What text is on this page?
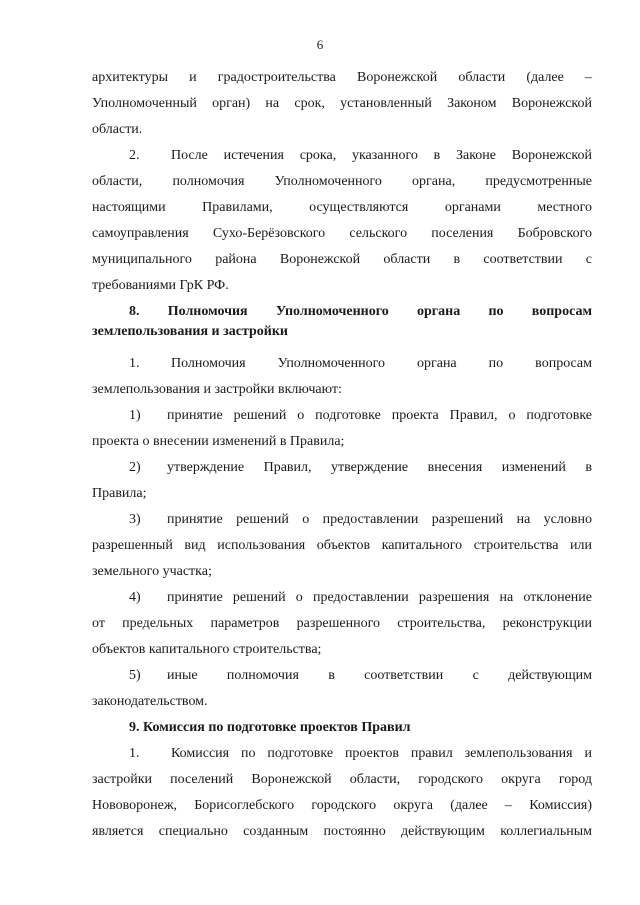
6
архитектуры и градостроительства Воронежской области (далее –
Уполномоченный орган) на срок, установленный Законом Воронежской
области.
2. После истечения срока, указанного в Законе Воронежской
области, полномочия Уполномоченного органа, предусмотренные
настоящими Правилами, осуществляются органами местного
самоуправления Сухо-Берёзовского сельского поселения Бобровского
муниципального района Воронежской области в соответствии с
требованиями ГрК РФ.
8. Полномочия Уполномоченного органа по вопросам
землепользования и застройки
1. Полномочия Уполномоченного органа по вопросам
землепользования и застройки включают:
1) принятие решений о подготовке проекта Правил, о подготовке
проекта о внесении изменений в Правила;
2) утверждение Правил, утверждение внесения изменений в
Правила;
3) принятие решений о предоставлении разрешений на условно
разрешенный вид использования объектов капитального строительства или
земельного участка;
4) принятие решений о предоставлении разрешения на отклонение
от предельных параметров разрешенного строительства, реконструкции
объектов капитального строительства;
5) иные полномочия в соответствии с действующим
законодательством.
9. Комиссия по подготовке проектов Правил
1. Комиссия по подготовке проектов правил землепользования и
застройки поселений Воронежской области, городского округа город
Нововоронеж, Борисоглебского городского округа (далее – Комиссия)
является специально созданным постоянно действующим коллегиальным
